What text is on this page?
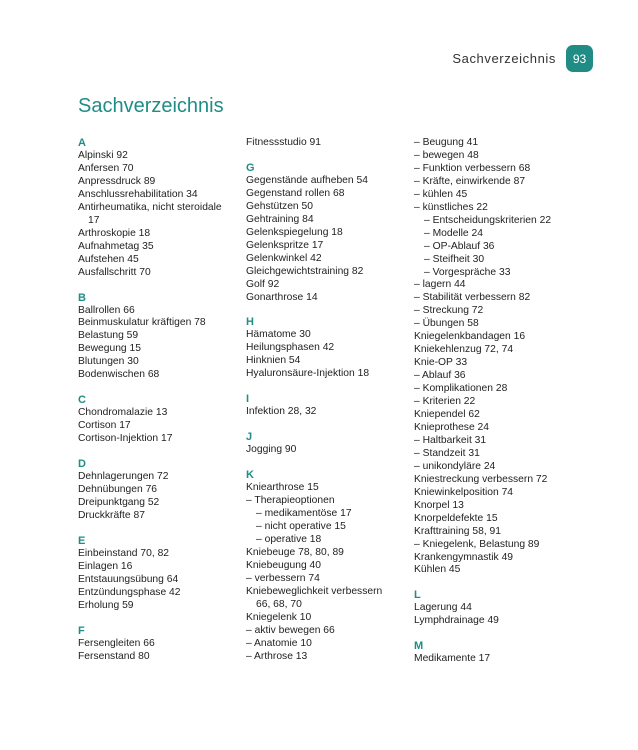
Sachverzeichnis	93
Sachverzeichnis
A
Alpinski 92
Anfersen 70
Anpressdruck 89
Anschlussrehabilitation 34
Antirheumatika, nicht steroidale
17
Arthroskopie 18
Aufnahmetag 35
Aufstehen 45
Ausfallschritt 70
B
Ballrollen 66
Beinmuskulatur kräftigen 78
Belastung 59
Bewegung 15
Blutungen 30
Bodenwischen 68
C
Chondromalazie 13
Cortison 17
Cortison-Injektion 17
D
Dehnlagerungen 72
Dehnübungen 76
Dreipunktgang 52
Druckkräfte 87
E
Einbeinstand 70, 82
Einlagen 16
Entstauungsübung 64
Entzündungsphase 42
Erholung 59
F
Fersengleiten 66
Fersenstand 80
Fitnessstudio 91
G
Gegenstände aufheben 54
Gegenstand rollen 68
Gehstützen 50
Gehtraining 84
Gelenkspiegelung 18
Gelenkspritze 17
Gelenkwinkel 42
Gleichgewichtstraining 82
Golf 92
Gonarthrose 14
H
Hämatome 30
Heilungsphasen 42
Hinknien 54
Hyaluronsäure-Injektion 18
I
Infektion 28, 32
J
Jogging 90
K
Kniearthrose 15
– Therapieoptionen
– medikamentöse 17
– nicht operative 15
– operative 18
Kniebeuge 78, 80, 89
Kniebeugung 40
– verbessern 74
Kniebeweglichkeit verbessern
66, 68, 70
Kniegelenk 10
– aktiv bewegen 66
– Anatomie 10
– Arthrose 13
– Beugung 41
– bewegen 48
– Funktion verbessern 68
– Kräfte, einwirkende 87
– kühlen 45
– künstliches 22
– Entscheidungskriterien 22
– Modelle 24
– OP-Ablauf 36
– Steifheit 30
– Vorgespräche 33
– lagern 44
– Stabilität verbessern 82
– Streckung 72
– Übungen 58
Kniegelenkbandagen 16
Kniekehlenzug 72, 74
Knie-OP 33
– Ablauf 36
– Komplikationen 28
– Kriterien 22
Kniependel 62
Knieprothese 24
– Haltbarkeit 31
– Standzeit 31
– unikondyläre 24
Kniestreckung verbessern 72
Kniewinkelposition 74
Knorpel 13
Knorpeldefekte 15
Krafttraining 58, 91
– Kniegelenk, Belastung 89
Krankengymnastik 49
Kühlen 45
L
Lagerung 44
Lymphdrainage 49
M
Medikamente 17
